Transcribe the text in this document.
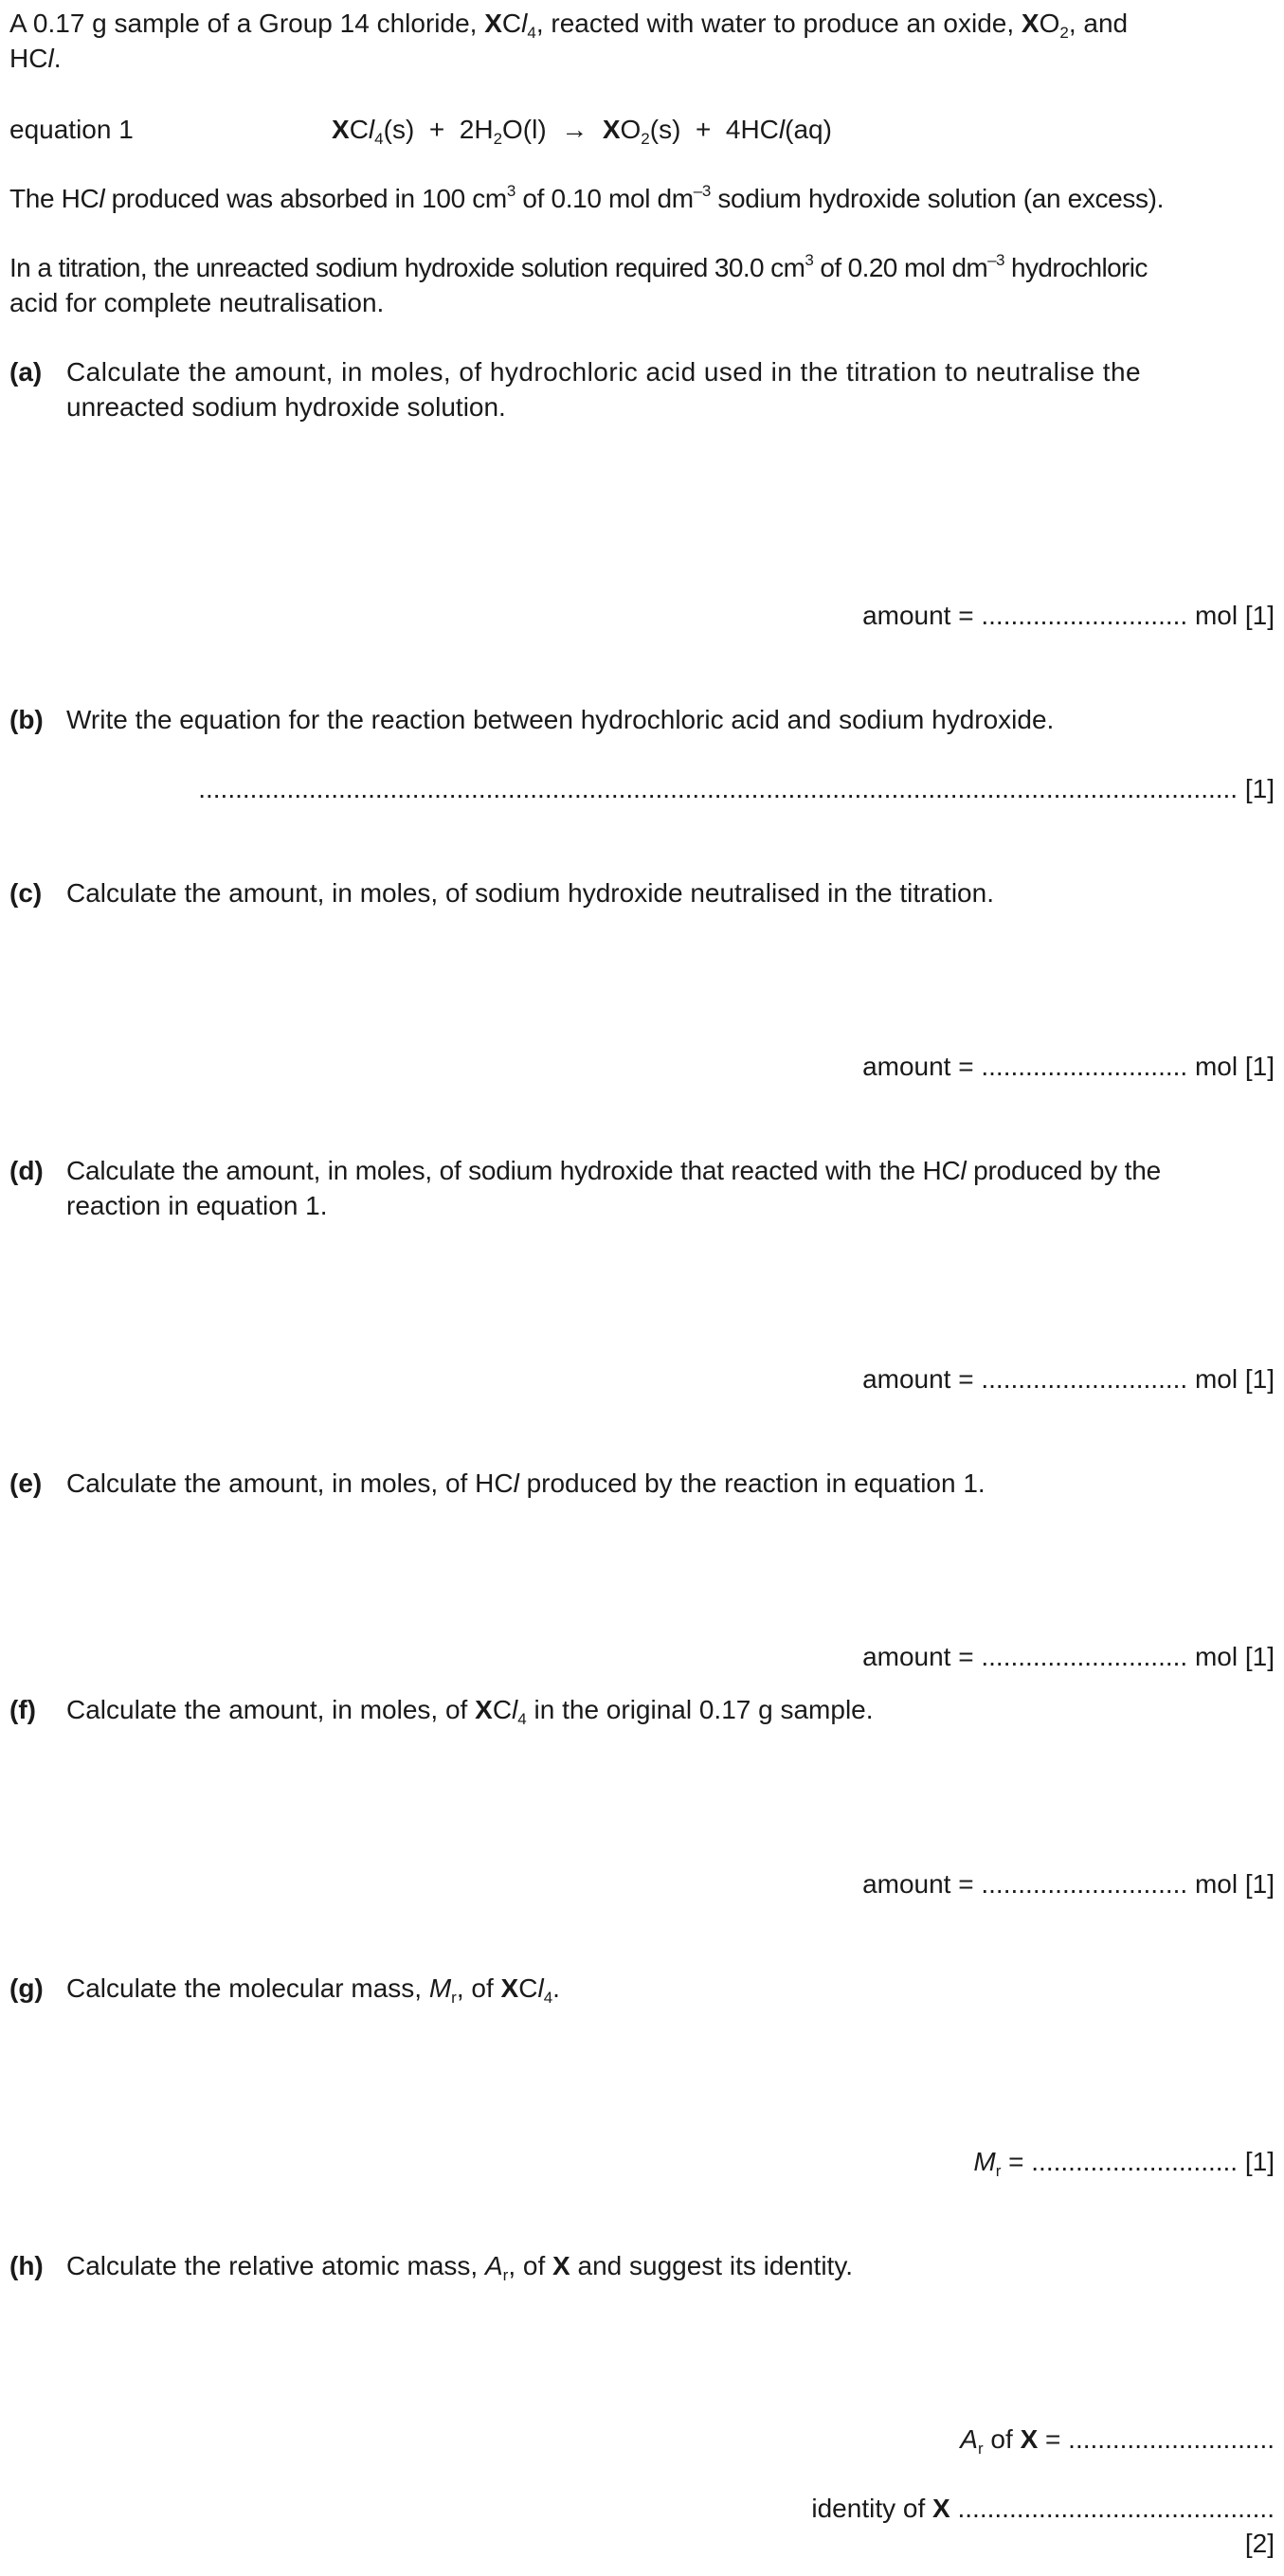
A 0.17 g sample of a Group 14 chloride, XCl$_4$, reacted with water to produce an oxide, $XO_2$, and
HCl.
equation 1	$XCl_4(s) + 2H_2O(l) \to XO_2(s) + 4HCl(aq)$
The HCl produced was absorbed in 100 $cm^3$ of 0.10 mol $dm^{-3}$ sodium hydroxide solution (an excess).
In a titration, the unreacted sodium hydroxide solution required 30.0 $cm^3$ of 0.20 mol $dm^{-3}$ hydrochloric
acid for complete neutralisation.
(a) Calculate the amount, in moles, of hydrochloric acid used in the titration to neutralise the
unreacted sodium hydroxide solution.
amount = ............................ mol [1]
(b) Write the equation for the reaction between hydrochloric acid and sodium hydroxide.
............................................................................................................................................. [1]
(c) Calculate the amount, in moles, of sodium hydroxide neutralised in the titration.
amount = ............................ mol [1]
(d) Calculate the amount, in moles, of sodium hydroxide that reacted with the HCl produced by the
reaction in equation 1.
amount = ............................ mol [1]
(e) Calculate the amount, in moles, of HCl produced by the reaction in equation 1.
amount = ............................ mol [1]
(f) Calculate the amount, in moles, of XCl$_4$ in the original 0.17 g sample.
amount = ............................ mol [1]
(g) Calculate the molecular mass, $M_r$, of XCl$_4$.
$M_r$ = ............................ [1]
(h) Calculate the relative atomic mass, $A_r$, of X and suggest its identity.
$A_r$ of X = ............................
identity of X ...........................................
[2]
